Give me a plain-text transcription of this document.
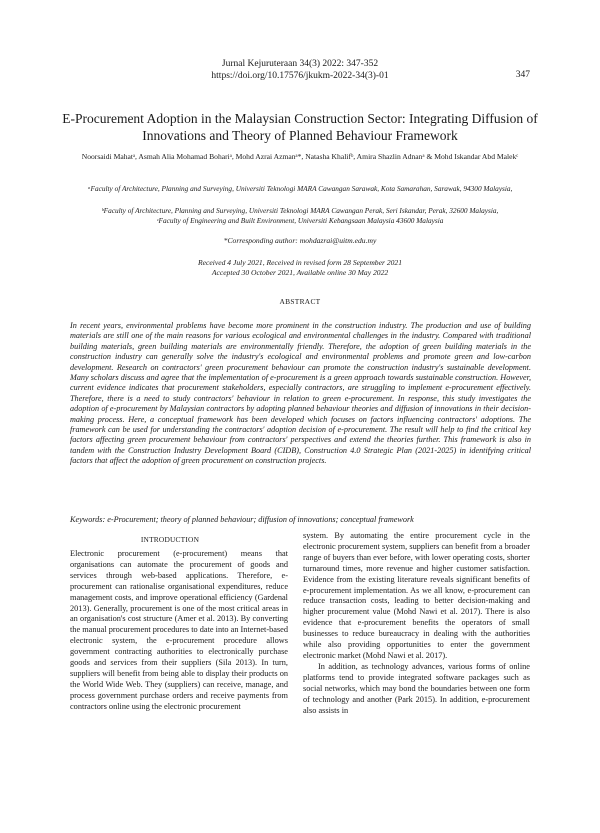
Jurnal Kejuruteraan 34(3) 2022: 347-352
https://doi.org/10.17576/jkukm-2022-34(3)-01	347
E-Procurement Adoption in the Malaysian Construction Sector: Integrating Diffusion of Innovations and Theory of Planned Behaviour Framework
Noorsaidi Mahatᵃ, Asmah Alia Mohamad Bohariᵃ, Mohd Azrai Azmanᵃ*, Natasha Khalifᵇ, Amira Shazlin Adnanᵃ & Mohd Iskandar Abd Malekᶜ
ᵃFaculty of Architecture, Planning and Surveying, Universiti Teknologi MARA Cawangan Sarawak, Kota Samarahan, Sarawak, 94300 Malaysia,
ᵇFaculty of Architecture, Planning and Surveying, Universiti Teknologi MARA Cawangan Perak, Seri Iskandar, Perak, 32600 Malaysia,
ᶜFaculty of Engineering and Built Environment, Universiti Kebangsaan Malaysia 43600 Malaysia
*Corresponding author: mohdazrai@uitm.edu.my
Received 4 July 2021, Received in revised form 28 September 2021
Accepted 30 October 2021, Available online 30 May 2022
ABSTRACT

In recent years, environmental problems have become more prominent in the construction industry. The production and use of building materials are still one of the main reasons for various ecological and environmental challenges in the industry. Compared with traditional building materials, green building materials are environmentally friendly. Therefore, the adoption of green building materials in the construction industry can generally solve the industry's ecological and environmental problems and promote green and low-carbon development. Research on contractors' green procurement behaviour can promote the construction industry's sustainable development. Many scholars discuss and agree that the implementation of e-procurement is a green approach towards sustainable construction. However, current evidence indicates that procurement stakeholders, especially contractors, are struggling to implement e-procurement effectively. Therefore, there is a need to study contractors' behaviour in relation to green e-procurement. In response, this study investigates the adoption of e-procurement by Malaysian contractors by adopting planned behaviour theories and diffusion of innovations in their decision-making process. Here, a conceptual framework has been developed which focuses on factors influencing contractors' adoptions. The framework can be used for understanding the contractors' adoption decision of e-procurement. The result will help to find the critical key factors affecting green procurement behaviour from contractors' perspectives and extend the theories further. This framework is also in tandem with the Construction Industry Development Board (CIDB), Construction 4.0 Strategic Plan (2021-2025) in identifying critical factors that affect the adoption of green procurement on construction projects.

Keywords: e-Procurement; theory of planned behaviour; diffusion of innovations; conceptual framework

INTRODUCTION

Electronic procurement (e-procurement) means that organisations can automate the procurement of goods and services through web-based applications. Therefore, e-procurement can rationalise organisational expenditures, reduce management costs, and improve operational efficiency (Gardenal 2013). Generally, procurement is one of the most critical areas in an organisation's cost structure (Amer et al. 2013). By converting the manual procurement procedures to date into an Internet-based electronic system, the e-procurement procedure allows government contracting authorities to electronically purchase goods and services from their suppliers (Sila 2013). In turn, suppliers will benefit from being able to display their products on the World Wide Web. They (suppliers) can receive, manage, and process government purchase orders and receive payments from contractors online using the electronic procurement

system. By automating the entire procurement cycle in the electronic procurement system, suppliers can benefit from a broader range of buyers than ever before, with lower operating costs, shorter turnaround times, more revenue and higher customer satisfaction. Evidence from the existing literature reveals significant benefits of e-procurement implementation. As we all know, e-procurement can reduce transaction costs, leading to better decision-making and higher procurement value (Mohd Nawi et al. 2017). There is also evidence that e-procurement benefits the operators of small businesses to reduce bureaucracy in dealing with the authorities while also providing opportunities to enter the government electronic market (Mohd Nawi et al. 2017).

In addition, as technology advances, various forms of online platforms tend to provide integrated software packages such as social networks, which may bond the boundaries between one form of technology and another (Park 2015). In addition, e-procurement also assists in
